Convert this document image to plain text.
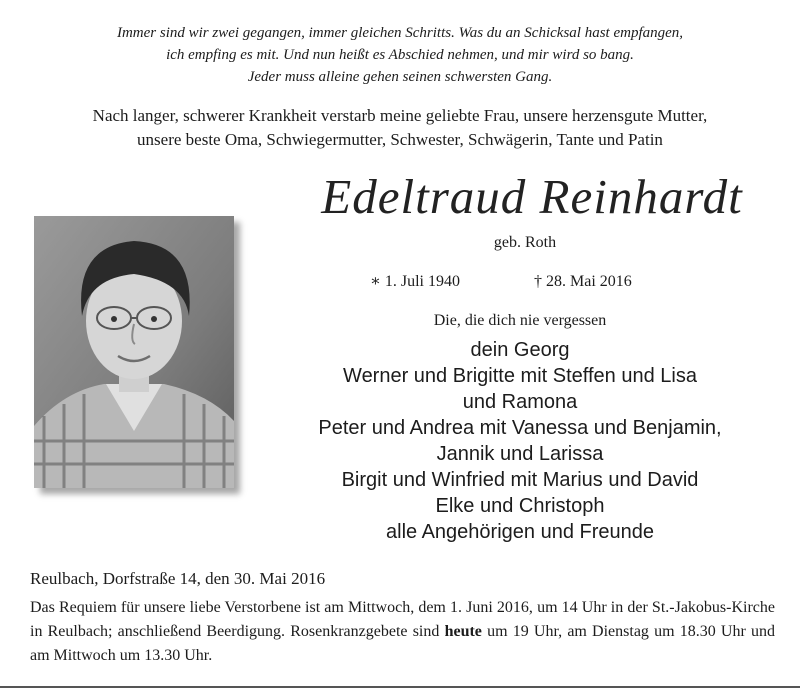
Immer sind wir zwei gegangen, immer gleichen Schritts. Was du an Schicksal hast empfangen,
ich empfing es mit. Und nun heißt es Abschied nehmen, und mir wird so bang.
Jeder muss alleine gehen seinen schwersten Gang.
Nach langer, schwerer Krankheit verstarb meine geliebte Frau, unsere herzensgute Mutter,
unsere beste Oma, Schwiegermutter, Schwester, Schwägerin, Tante und Patin
Edeltraud Reinhardt
geb. Roth
∗ 1. Juli 1940	† 28. Mai 2016
Die, die dich nie vergessen
dein Georg
Werner und Brigitte mit Steffen und Lisa
und Ramona
Peter und Andrea mit Vanessa und Benjamin,
Jannik und Larissa
Birgit und Winfried mit Marius und David
Elke und Christoph
alle Angehörigen und Freunde
Reulbach, Dorfstraße 14, den 30. Mai 2016
Das Requiem für unsere liebe Verstorbene ist am Mittwoch, dem 1. Juni 2016, um 14 Uhr in der St.-Jakobus-Kirche in Reulbach; anschließend Beerdigung. Rosenkranzgebete sind heute um 19 Uhr, am Dienstag um 18.30 Uhr und am Mittwoch um 13.30 Uhr.
